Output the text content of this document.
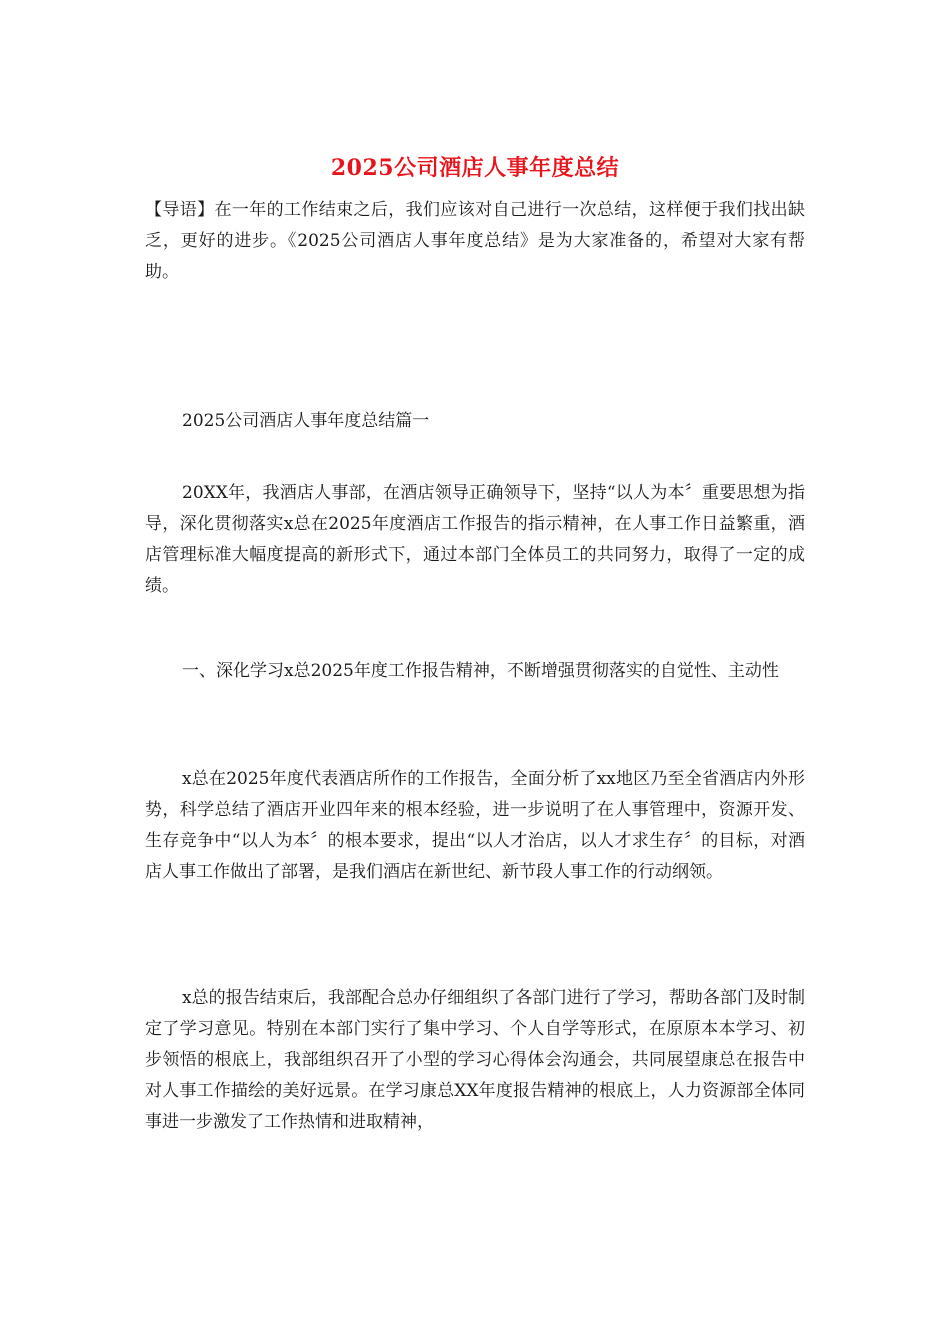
2025公司酒店人事年度总结

【导语】在一年的工作结束之后，我们应该对自己进行一次总结，这样便于我们找出缺乏，更好的进步。《2025公司酒店人事年度总结》是为大家准备的，希望对大家有帮助。

2025公司酒店人事年度总结篇一

20XX年，我酒店人事部，在酒店领导正确领导下，坚持“以人为本〞重要思想为指导，深化贯彻落实x总在2025年度酒店工作报告的指示精神，在人事工作日益繁重，酒店管理标准大幅度提高的新形式下，通过本部门全体员工的共同努力，取得了一定的成绩。

一、深化学习x总2025年度工作报告精神，不断增强贯彻落实的自觉性、主动性

x总在2025年度代表酒店所作的工作报告，全面分析了xx地区乃至全省酒店内外形势，科学总结了酒店开业四年来的根本经验，进一步说明了在人事管理中，资源开发、生存竞争中“以人为本〞的根本要求，提出“以人才治店，以人才求生存〞的目标，对酒店人事工作做出了部署，是我们酒店在新世纪、新节段人事工作的行动纲领。

x总的报告结束后，我部配合总办仔细组织了各部门进行了学习，帮助各部门及时制定了学习意见。特别在本部门实行了集中学习、个人自学等形式，在原原本本学习、初步领悟的根底上，我部组织召开了小型的学习心得体会沟通会，共同展望康总在报告中对人事工作描绘的美好远景。在学习康总XX年度报告精神的根底上，人力资源部全体同事进一步激发了工作热情和进取精神，
